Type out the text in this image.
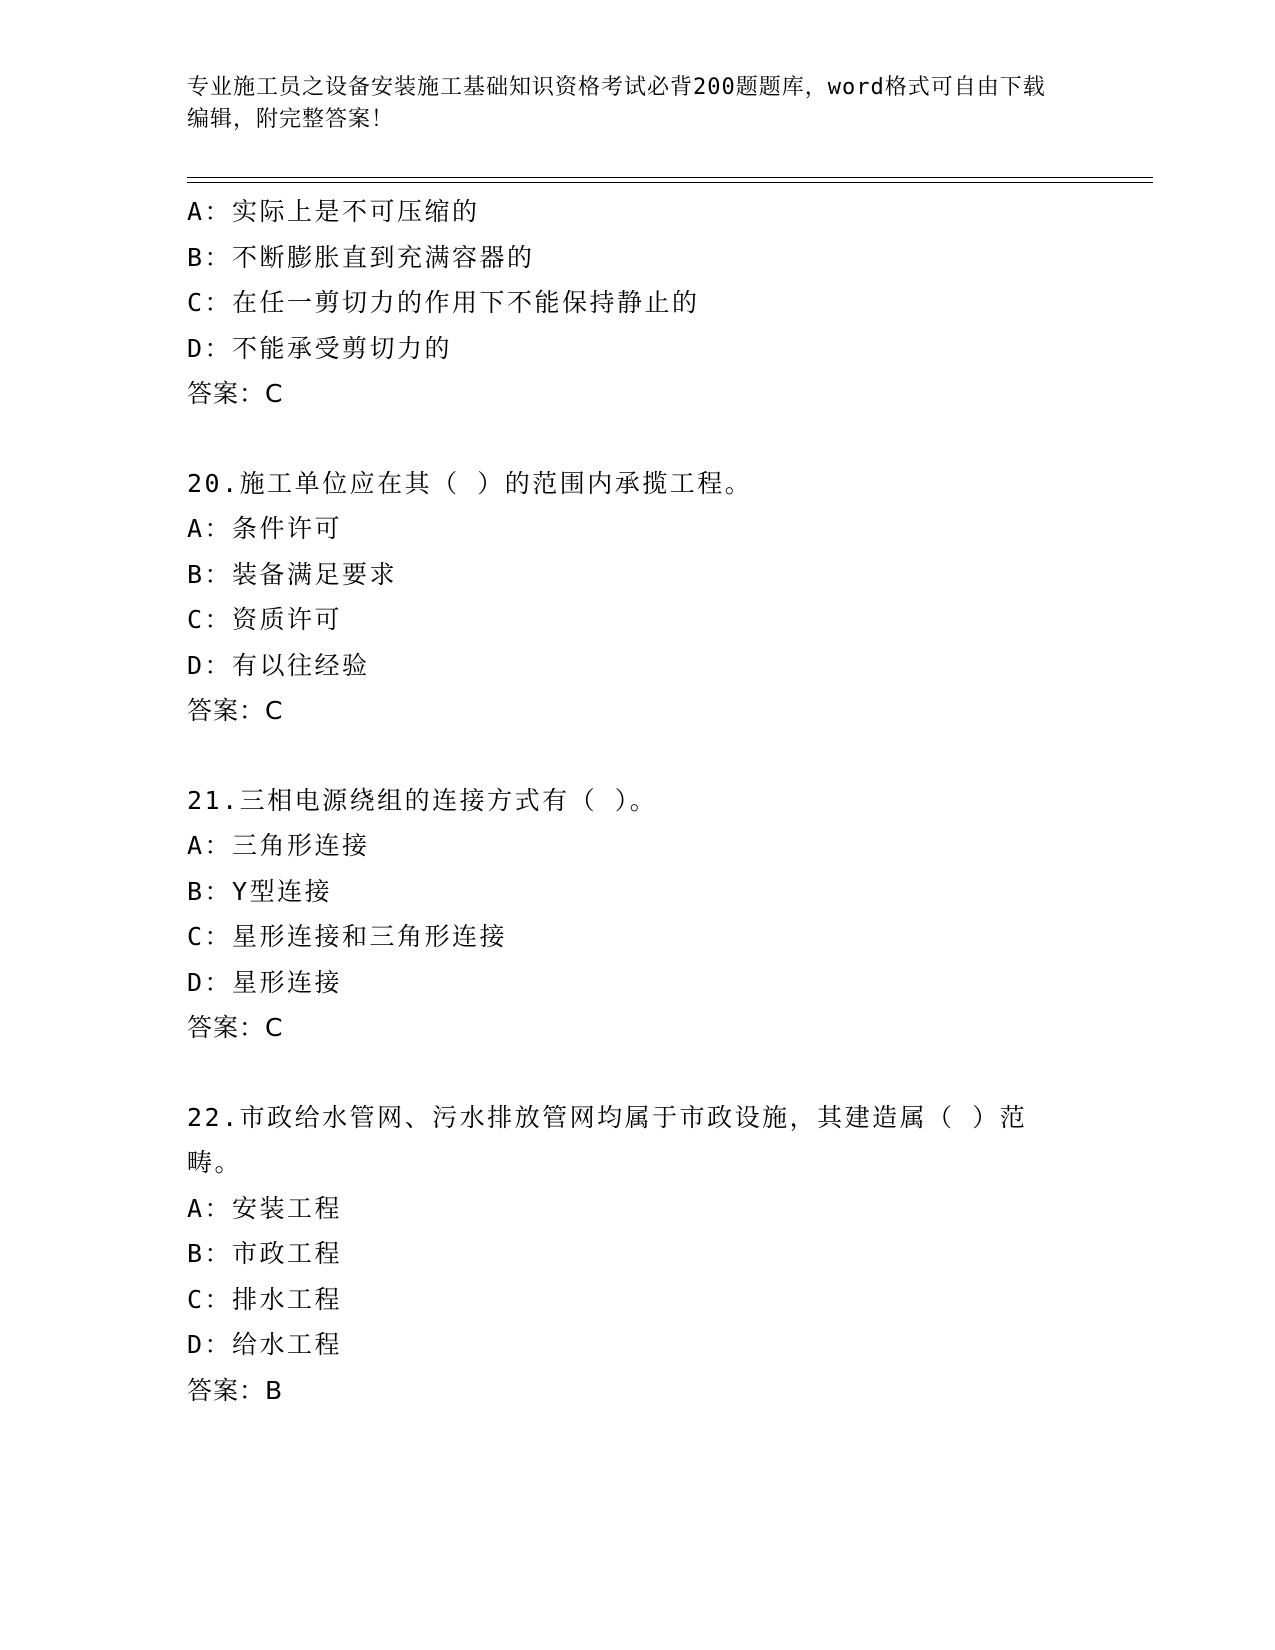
专业施工员之设备安装施工基础知识资格考试必背200题题库，word格式可自由下载编辑，附完整答案！

A：实际上是不可压缩的

B：不断膨胀直到充满容器的

C：在任一剪切力的作用下不能保持静止的

D：不能承受剪切力的

答案：C

20.施工单位应在其（ ）的范围内承揽工程。

A：条件许可

B：装备满足要求

C：资质许可

D：有以往经验

答案：C

21.三相电源绕组的连接方式有（ ）。

A：三角形连接

B：Y型连接

C：星形连接和三角形连接

D：星形连接

答案：C

22.市政给水管网、污水排放管网均属于市政设施，其建造属（ ）范畴。

A：安装工程

B：市政工程

C：排水工程

D：给水工程

答案：B
